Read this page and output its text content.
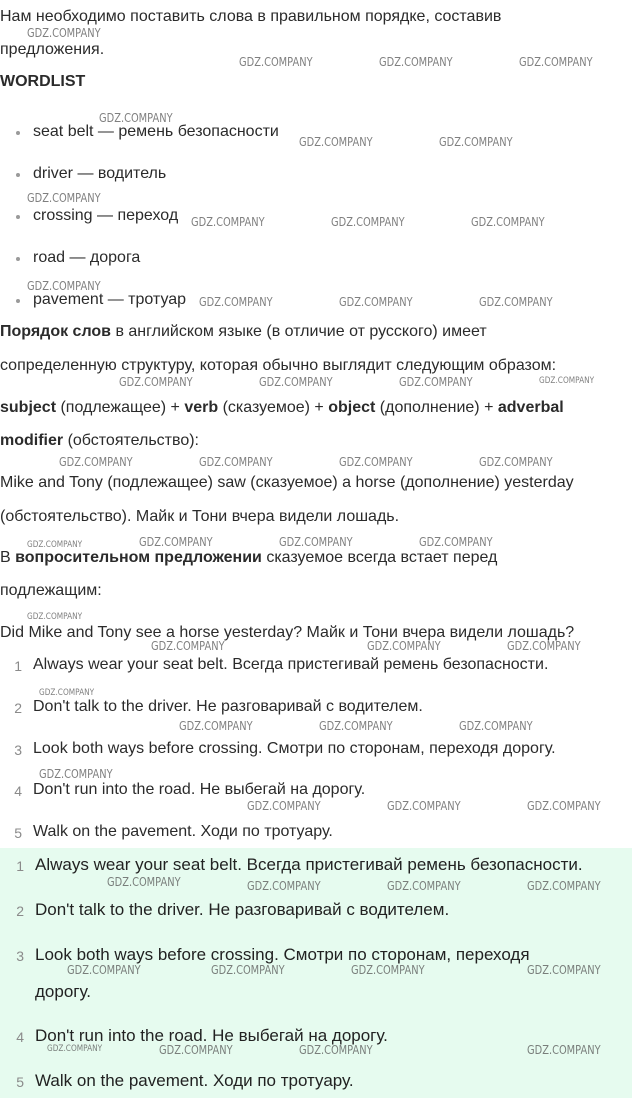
Нам необходимо поставить слова в правильном порядке, составив
предложения.
WORDLIST
seat belt — ремень безопасности
driver — водитель
crossing — переход
road — дорога
pavement — тротуар
Порядок слов в английском языке (в отличие от русского) имеет
сопределенную структуру, которая обычно выглядит следующим образом:
subject (подлежащее) + verb (сказуемое) + object (дополнение) + adverbal
modifier (обстоятельство):
Mike and Tony (подлежащее) saw (сказуемое) a horse (дополнение) yesterday
(обстоятельство). Майк и Тони вчера видели лошадь.
В вопросительном предложении сказуемое всегда встает перед
подлежащим:
Did Mike and Tony see a horse yesterday? Майк и Тони вчера видели лошадь?
1 Always wear your seat belt. Всегда пристегивай ремень безопасности.
2 Don't talk to the driver. Не разговаривай с водителем.
3 Look both ways before crossing. Смотри по сторонам, переходя дорогу.
4 Don't run into the road. Не выбегай на дорогу.
5 Walk on the pavement. Ходи по тротуару.
1 Always wear your seat belt. Всегда пристегивай ремень безопасности.
2 Don't talk to the driver. Не разговаривай с водителем.
3 Look both ways before crossing. Смотри по сторонам, переходя
дорогу.
4 Don't run into the road. Не выбегай на дорогу.
5 Walk on the pavement. Ходи по тротуару.
GDZ.COMPANY
GDZ.COMPANY	GDZ.COMPANY	GDZ.COMPANY
GDZ.COMPANY
GDZ.COMPANY	GDZ.COMPANY
GDZ.COMPANY
GDZ.COMPANY	GDZ.COMPANY	GDZ.COMPANY
GDZ.COMPANY
GDZ.COMPANY	GDZ.COMPANY	GDZ.COMPANY
GDZ.COMPANY	GDZ.COMPANY	GDZ.COMPANY	GDZ.COMPANY
GDZ.COMPANY	GDZ.COMPANY	GDZ.COMPANY	GDZ.COMPANY
GDZ.COMPANY	GDZ.COMPANY	GDZ.COMPANY	GDZ.COMPANY
GDZ.COMPANY
GDZ.COMPANY	GDZ.COMPANY	GDZ.COMPANY
GDZ.COMPANY
GDZ.COMPANY	GDZ.COMPANY	GDZ.COMPANY
GDZ.COMPANY
GDZ.COMPANY	GDZ.COMPANY	GDZ.COMPANY
GDZ.COMPANY	GDZ.COMPANY	GDZ.COMPANY	GDZ.COMPANY
GDZ.COMPANY	GDZ.COMPANY	GDZ.COMPANY	GDZ.COMPANY
GDZ.COMPANY	GDZ.COMPANY	GDZ.COMPANY	GDZ.COMPANY
